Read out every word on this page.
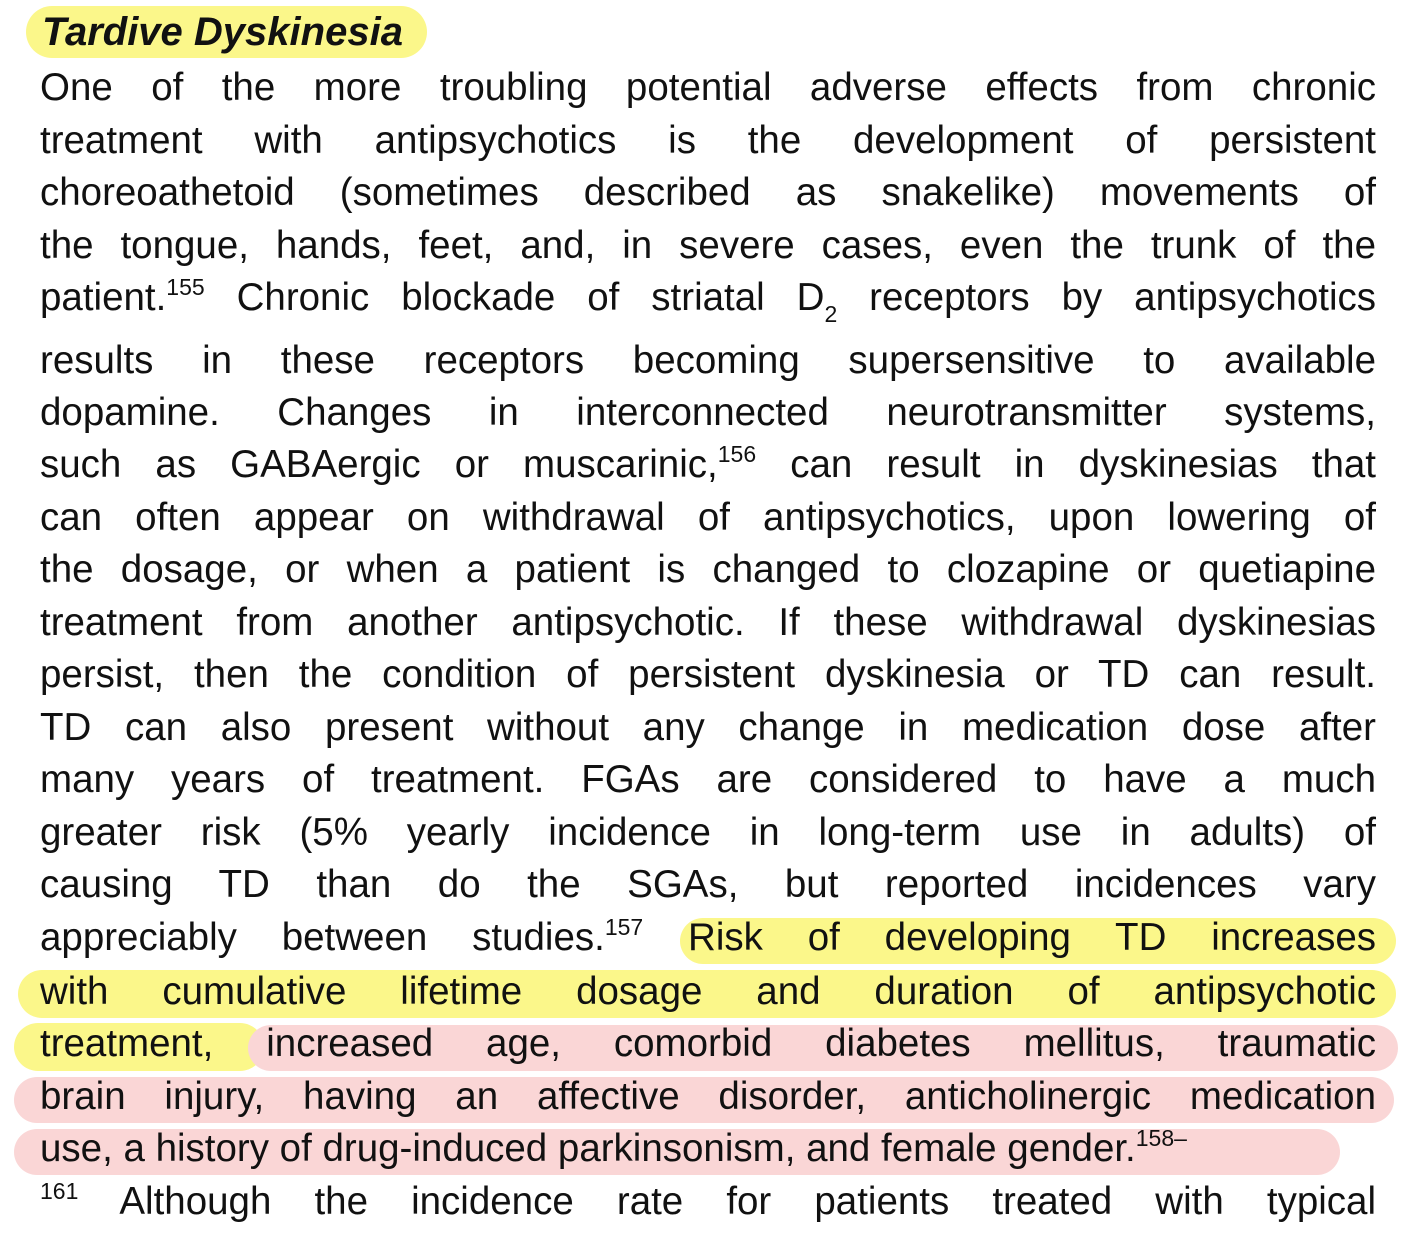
Tardive Dyskinesia
One of the more troubling potential adverse effects from chronic
treatment with antipsychotics is the development of persistent
choreoathetoid (sometimes described as snakelike) movements of
the tongue, hands, feet, and, in severe cases, even the trunk of the
patient.$^{155}$ Chronic blockade of striatal $D_2$ receptors by antipsychotics
results in these receptors becoming supersensitive to available
dopamine. Changes in interconnected neurotransmitter systems,
such as GABAergic or muscarinic,$^{156}$ can result in dyskinesias that
can often appear on withdrawal of antipsychotics, upon lowering of
the dosage, or when a patient is changed to clozapine or quetiapine
treatment from another antipsychotic. If these withdrawal dyskinesias
persist, then the condition of persistent dyskinesia or TD can result.
TD can also present without any change in medication dose after
many years of treatment. FGAs are considered to have a much
greater risk (5% yearly incidence in long-term use in adults) of
causing TD than do the SGAs, but reported incidences vary
appreciably between studies.$^{157}$ Risk of developing TD increases
with cumulative lifetime dosage and duration of antipsychotic
treatment, increased age, comorbid diabetes mellitus, traumatic
brain injury, having an affective disorder, anticholinergic medication
use, a history of drug-induced parkinsonism, and female gender.$^{158-}$
$^{161}$ Although the incidence rate for patients treated with typical
